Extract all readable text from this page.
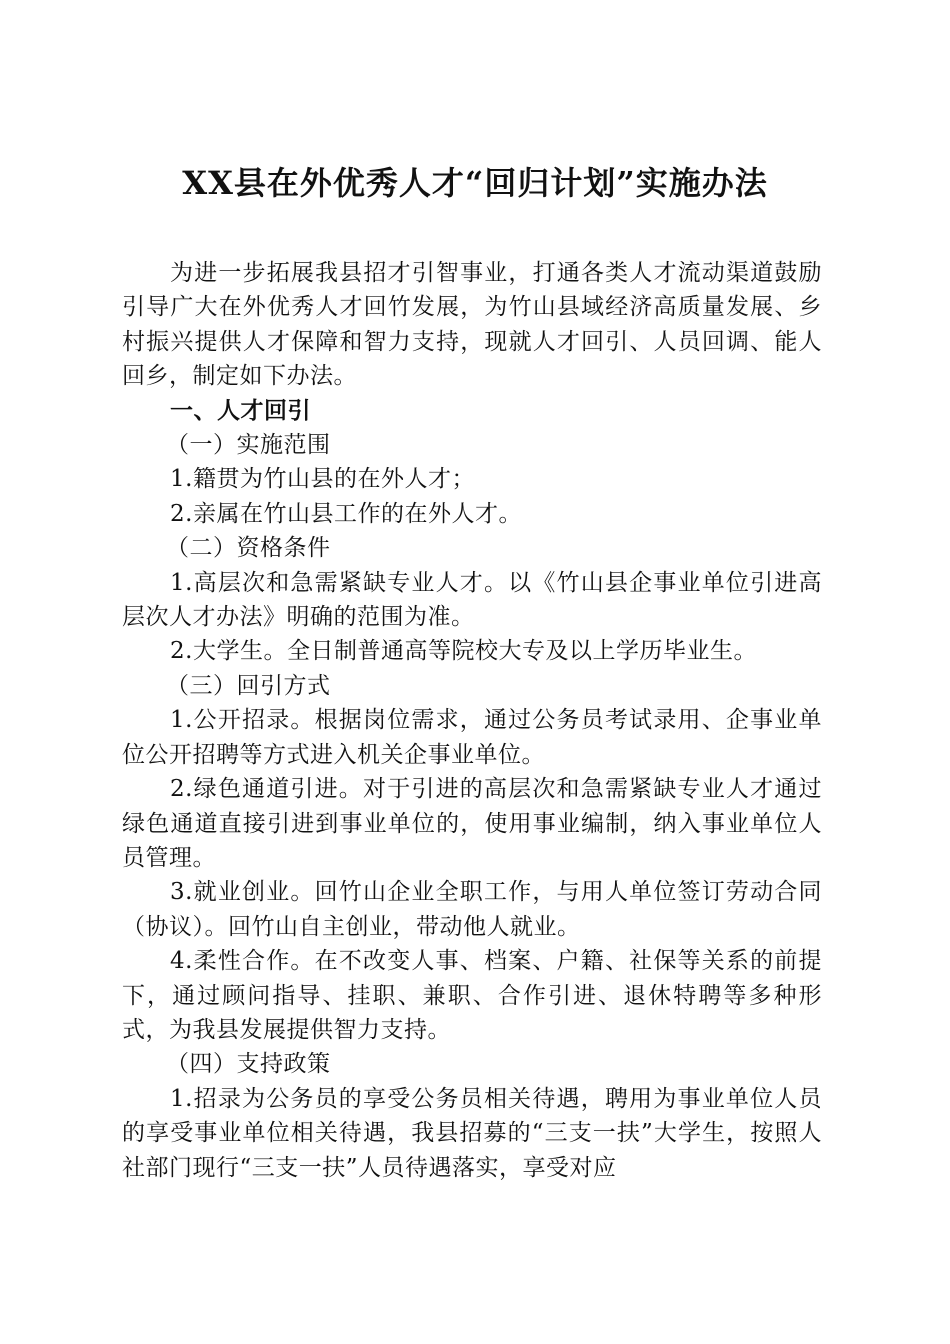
XX县在外优秀人才“回归计划”实施办法

为进一步拓展我县招才引智事业，打通各类人才流动渠道鼓励引导广大在外优秀人才回竹发展，为竹山县域经济高质量发展、乡村振兴提供人才保障和智力支持，现就人才回引、人员回调、能人回乡，制定如下办法。

一、人才回引

（一）实施范围

1.籍贯为竹山县的在外人才；

2.亲属在竹山县工作的在外人才。

（二）资格条件

1.高层次和急需紧缺专业人才。以《竹山县企事业单位引进高层次人才办法》明确的范围为准。

2.大学生。全日制普通高等院校大专及以上学历毕业生。

（三）回引方式

1.公开招录。根据岗位需求，通过公务员考试录用、企事业单位公开招聘等方式进入机关企事业单位。

2.绿色通道引进。对于引进的高层次和急需紧缺专业人才通过绿色通道直接引进到事业单位的，使用事业编制，纳入事业单位人员管理。

3.就业创业。回竹山企业全职工作，与用人单位签订劳动合同（协议）。回竹山自主创业，带动他人就业。

4.柔性合作。在不改变人事、档案、户籍、社保等关系的前提下，通过顾问指导、挂职、兼职、合作引进、退休特聘等多种形式，为我县发展提供智力支持。

（四）支持政策

1.招录为公务员的享受公务员相关待遇，聘用为事业单位人员的享受事业单位相关待遇，我县招募的“三支一扶”大学生，按照人社部门现行“三支一扶”人员待遇落实，享受对应
